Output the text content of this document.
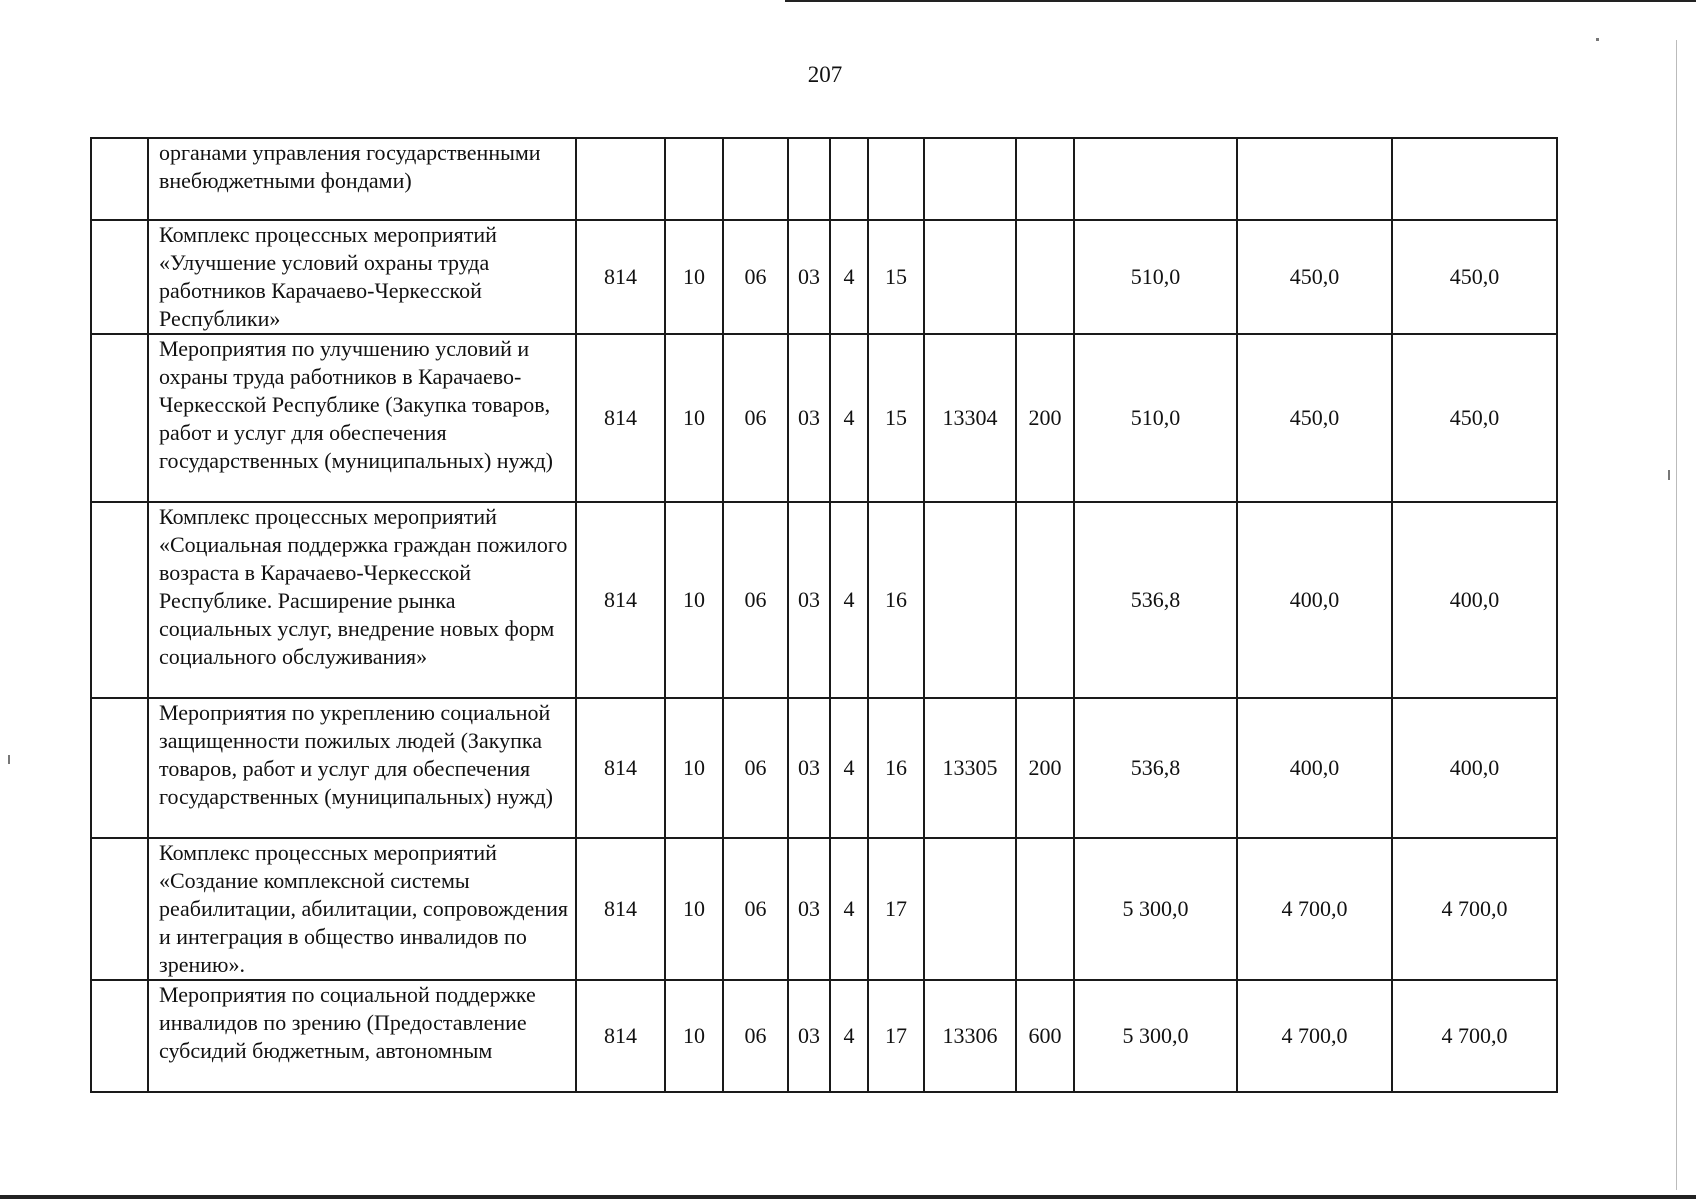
207
	органами управления государственными внебюджетными фондами)											
	Комплекс процессных мероприятий «Улучшение условий охраны труда работников Карачаево-Черкесской Республики»	814	10	06	03	4	15			510,0	450,0	450,0
	Мероприятия по улучшению условий и охраны труда работников в Карачаево-Черкесской Республике (Закупка товаров, работ и услуг для обеспечения государственных (муниципальных) нужд)	814	10	06	03	4	15	13304	200	510,0	450,0	450,0
	Комплекс процессных мероприятий «Социальная поддержка граждан пожилого возраста в Карачаево-Черкесской Республике. Расширение рынка социальных услуг, внедрение новых форм социального обслуживания»	814	10	06	03	4	16			536,8	400,0	400,0
	Мероприятия по укреплению социальной защищенности пожилых людей (Закупка товаров, работ и услуг для обеспечения государственных (муниципальных) нужд)	814	10	06	03	4	16	13305	200	536,8	400,0	400,0
	Комплекс процессных мероприятий «Создание комплексной системы реабилитации, абилитации, сопровождения и интеграция в общество инвалидов по зрению».	814	10	06	03	4	17			5 300,0	4 700,0	4 700,0
	Мероприятия по социальной поддержке инвалидов по зрению (Предоставление субсидий бюджетным, автономным	814	10	06	03	4	17	13306	600	5 300,0	4 700,0	4 700,0
